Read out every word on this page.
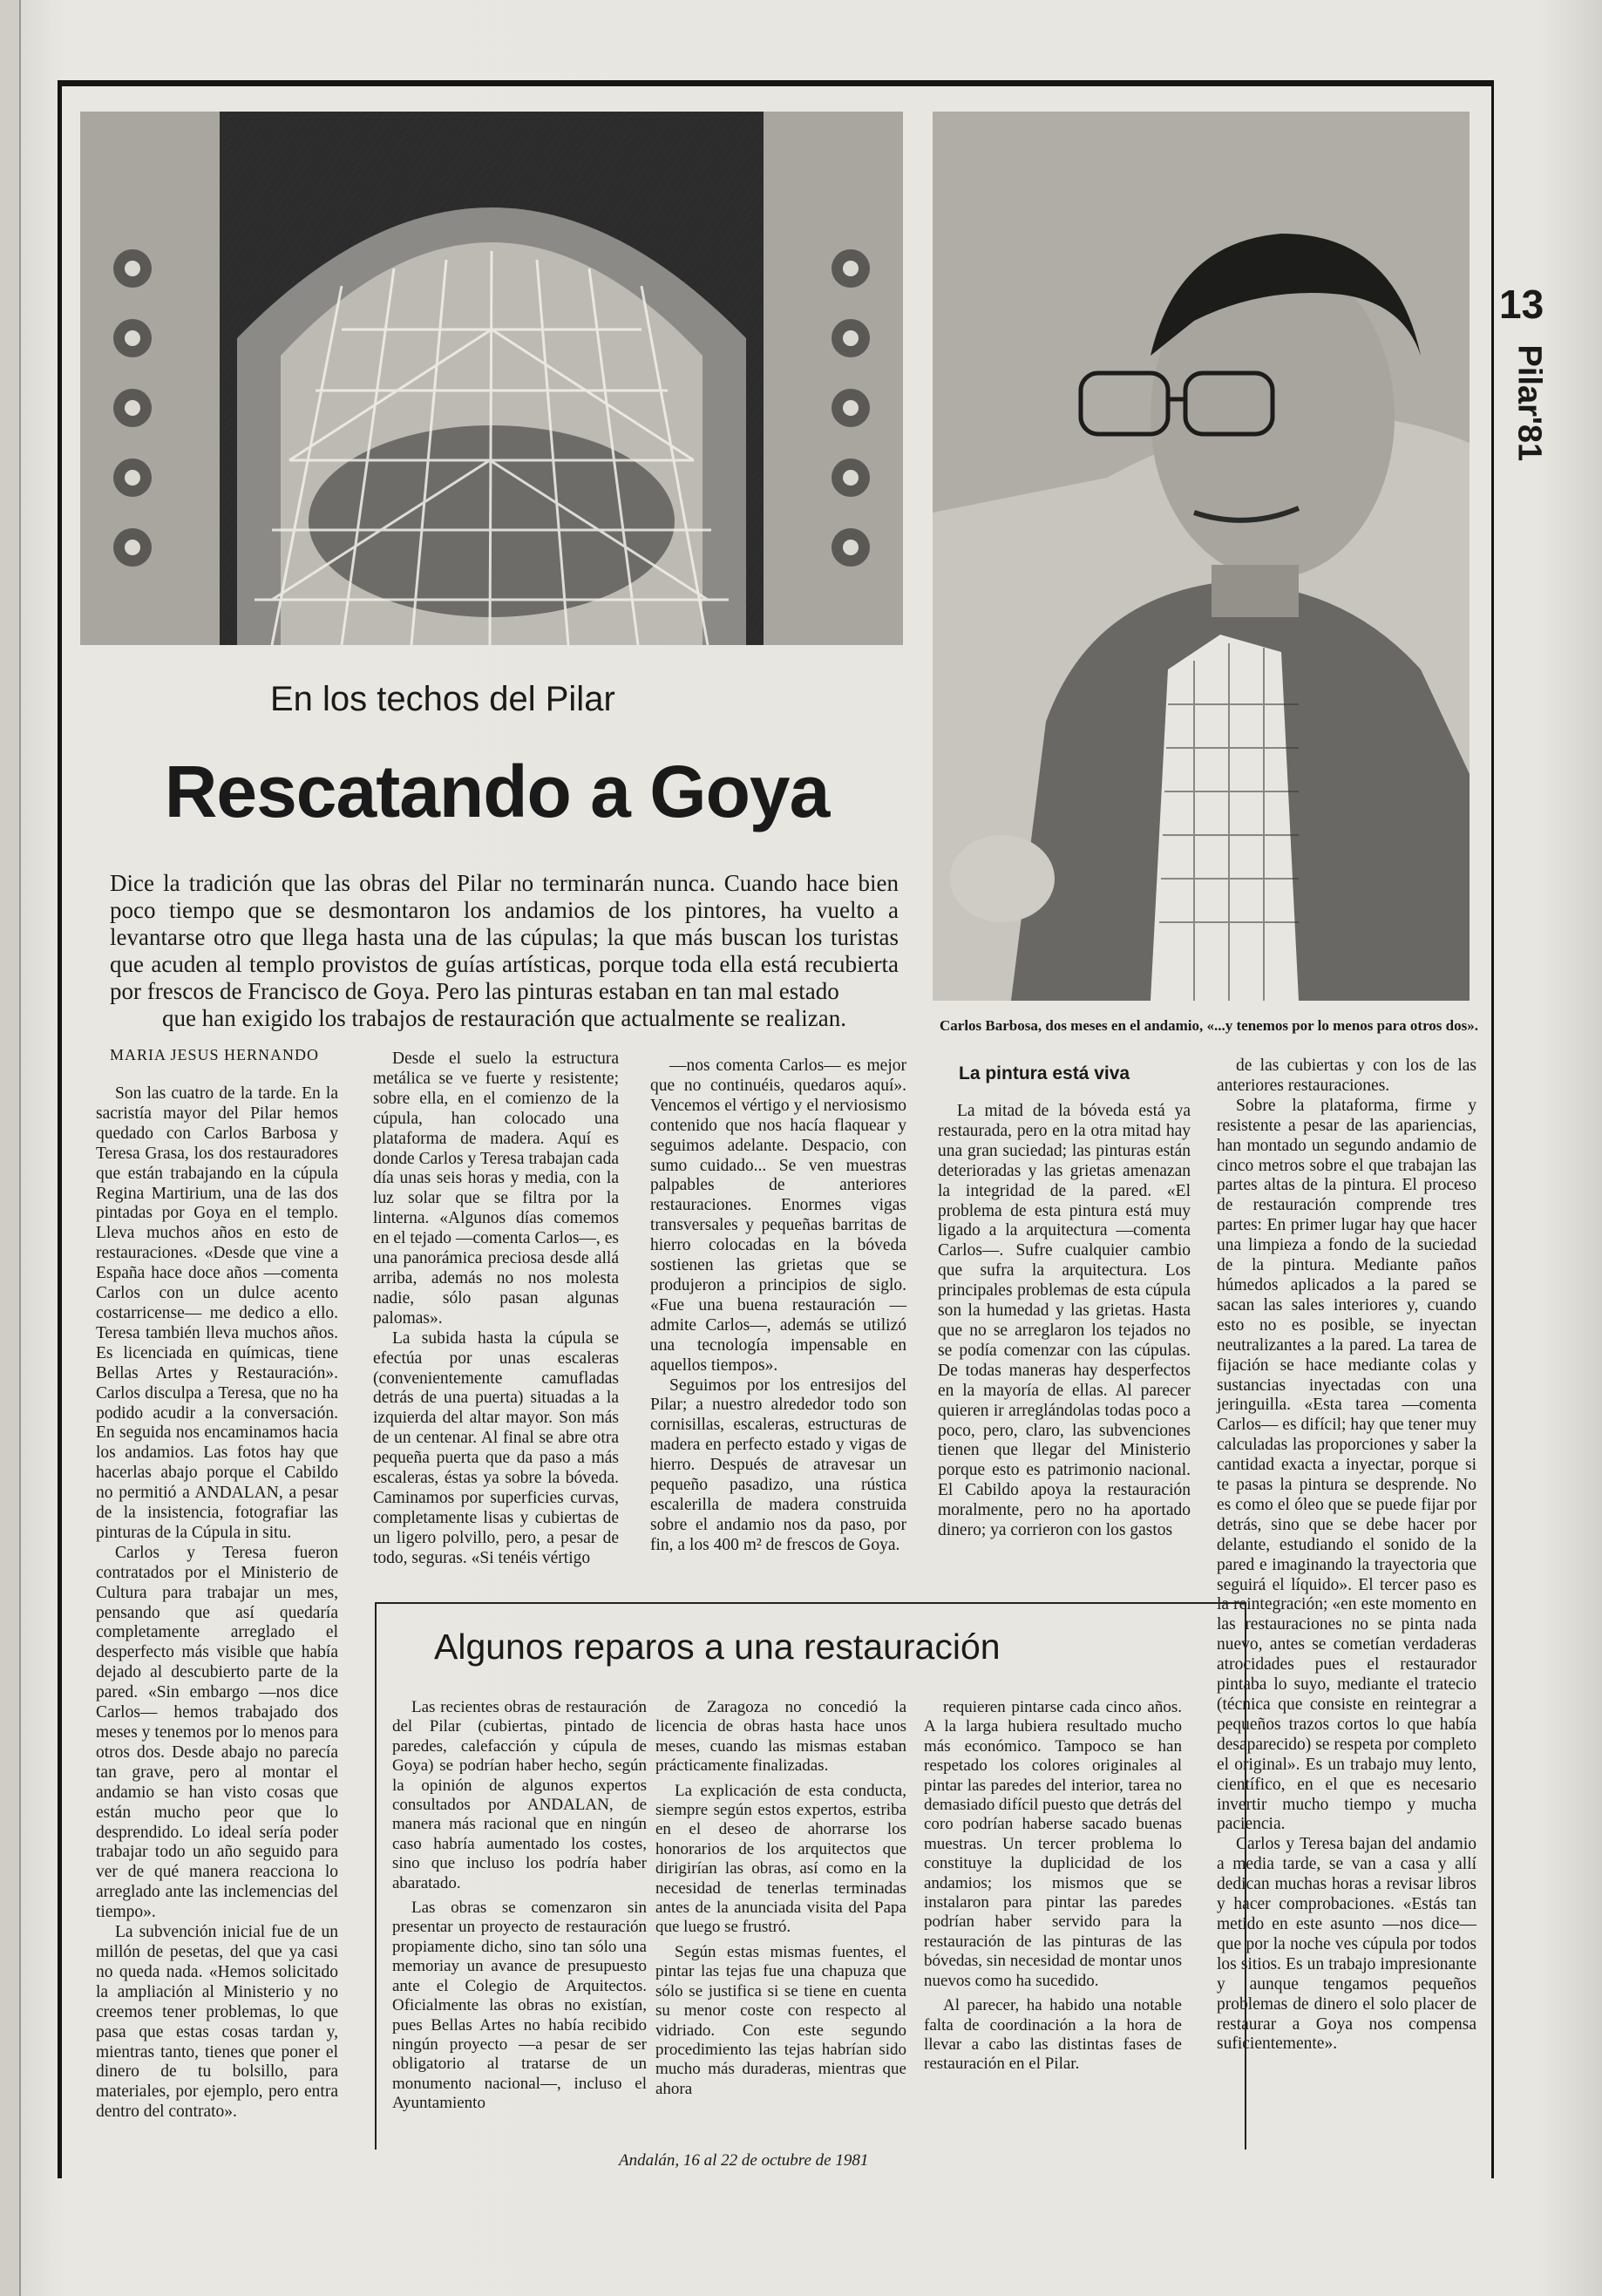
13
Pilar'81
En los techos del Pilar
Rescatando a Goya
Dice la tradición que las obras del Pilar no terminarán nunca. Cuando hace bien poco tiempo que se desmontaron los andamios de los pintores, ha vuelto a levantarse otro que llega hasta una de las cúpulas; la que más buscan los turistas que acuden al templo provistos de guías artísticas, porque toda ella está recubierta por frescos de Francisco de Goya. Pero las pinturas estaban en tan mal estado
que han exigido los trabajos de restauración que actualmente se realizan.	Carlos Barbosa, dos meses en el andamio, «...y tenemos por lo menos para otros dos».
MARIA JESUS HERNANDO

Son las cuatro de la tarde. En la sacristía mayor del Pilar hemos quedado con Carlos Barbosa y Teresa Grasa, los dos restauradores que están trabajando en la cúpula Regina Martirium, una de las dos pintadas por Goya en el templo. Lleva muchos años en esto de restauraciones. «Desde que vine a España hace doce años —comenta Carlos con un dulce acento costarricense— me dedico a ello. Teresa también lleva muchos años. Es licenciada en químicas, tiene Bellas Artes y Restauración». Carlos disculpa a Teresa, que no ha podido acudir a la conversación. En seguida nos encaminamos hacia los andamios. Las fotos hay que hacerlas abajo porque el Cabildo no permitió a ANDALAN, a pesar de la insistencia, fotografiar las pinturas de la Cúpula in situ.

Carlos y Teresa fueron contratados por el Ministerio de Cultura para trabajar un mes, pensando que así quedaría completamente arreglado el desperfecto más visible que había dejado al descubierto parte de la pared. «Sin embargo —nos dice Carlos— hemos trabajado dos meses y tenemos por lo menos para otros dos. Desde abajo no parecía tan grave, pero al montar el andamio se han visto cosas que están mucho peor que lo desprendido. Lo ideal sería poder trabajar todo un año seguido para ver de qué manera reacciona lo arreglado ante las inclemencias del tiempo».

La subvención inicial fue de un millón de pesetas, del que ya casi no queda nada. «Hemos solicitado la ampliación al Ministerio y no creemos tener problemas, lo que pasa que estas cosas tardan y, mientras tanto, tienes que poner el dinero de tu bolsillo, para materiales, por ejemplo, pero entra dentro del contrato».

Desde el suelo la estructura metálica se ve fuerte y resistente; sobre ella, en el comienzo de la cúpula, han colocado una plataforma de madera. Aquí es donde Carlos y Teresa trabajan cada día unas seis horas y media, con la luz solar que se filtra por la linterna. «Algunos días comemos en el tejado —comenta Carlos—, es una panorámica preciosa desde allá arriba, además no nos molesta nadie, sólo pasan algunas palomas».

La subida hasta la cúpula se efectúa por unas escaleras (convenientemente camufladas detrás de una puerta) situadas a la izquierda del altar mayor. Son más de un centenar. Al final se abre otra pequeña puerta que da paso a más escaleras, éstas ya sobre la bóveda. Caminamos por superficies curvas, completamente lisas y cubiertas de un ligero polvillo, pero, a pesar de todo, seguras. «Si tenéis vértigo

—nos comenta Carlos— es mejor que no continuéis, quedaros aquí». Vencemos el vértigo y el nerviosismo contenido que nos hacía flaquear y seguimos adelante. Despacio, con sumo cuidado... Se ven muestras palpables de anteriores restauraciones. Enormes vigas transversales y pequeñas barritas de hierro colocadas en la bóveda sostienen las grietas que se produjeron a principios de siglo. «Fue una buena restauración —admite Carlos—, además se utilizó una tecnología impensable en aquellos tiempos».

Seguimos por los entresijos del Pilar; a nuestro alrededor todo son cornisillas, escaleras, estructuras de madera en perfecto estado y vigas de hierro. Después de atravesar un pequeño pasadizo, una rústica escalerilla de madera construida sobre el andamio nos da paso, por fin, a los 400 m² de frescos de Goya.

La pintura está viva

La mitad de la bóveda está ya restaurada, pero en la otra mitad hay una gran suciedad; las pinturas están deterioradas y las grietas amenazan la integridad de la pared. «El problema de esta pintura está muy ligado a la arquitectura —comenta Carlos—. Sufre cualquier cambio que sufra la arquitectura. Los principales problemas de esta cúpula son la humedad y las grietas. Hasta que no se arreglaron los tejados no se podía comenzar con las cúpulas. De todas maneras hay desperfectos en la mayoría de ellas. Al parecer quieren ir arreglándolas todas poco a poco, pero, claro, las subvenciones tienen que llegar del Ministerio porque esto es patrimonio nacional. El Cabildo apoya la restauración moralmente, pero no ha aportado dinero; ya corrieron con los gastos

de las cubiertas y con los de las anteriores restauraciones.

Sobre la plataforma, firme y resistente a pesar de las apariencias, han montado un segundo andamio de cinco metros sobre el que trabajan las partes altas de la pintura. El proceso de restauración comprende tres partes: En primer lugar hay que hacer una limpieza a fondo de la suciedad de la pintura. Mediante paños húmedos aplicados a la pared se sacan las sales interiores y, cuando esto no es posible, se inyectan neutralizantes a la pared. La tarea de fijación se hace mediante colas y sustancias inyectadas con una jeringuilla. «Esta tarea —comenta Carlos— es difícil; hay que tener muy calculadas las proporciones y saber la cantidad exacta a inyectar, porque si te pasas la pintura se desprende. No es como el óleo que se puede fijar por detrás, sino que se debe hacer por delante, estudiando el sonido de la pared e imaginando la trayectoria que seguirá el líquido». El tercer paso es la reintegración; «en este momento en las restauraciones no se pinta nada nuevo, antes se cometían verdaderas atrocidades pues el restaurador pintaba lo suyo, mediante el tratecio (técnica que consiste en reintegrar a pequeños trazos cortos lo que había desaparecido) se respeta por completo el original». Es un trabajo muy lento, científico, en el que es necesario invertir mucho tiempo y mucha paciencia.

Carlos y Teresa bajan del andamio a media tarde, se van a casa y allí dedican muchas horas a revisar libros y hacer comprobaciones. «Estás tan metido en este asunto —nos dice— que por la noche ves cúpula por todos los sitios. Es un trabajo impresionante y aunque tengamos pequeños problemas de dinero el solo placer de restaurar a Goya nos compensa suficientemente».

Algunos reparos a una restauración

Las recientes obras de restauración del Pilar (cubiertas, pintado de paredes, calefacción y cúpula de Goya) se podrían haber hecho, según la opinión de algunos expertos consultados por ANDALAN, de manera más racional que en ningún caso habría aumentado los costes, sino que incluso los podría haber abaratado.

Las obras se comenzaron sin presentar un proyecto de restauración propiamente dicho, sino tan sólo una memoriay un avance de presupuesto ante el Colegio de Arquitectos. Oficialmente las obras no existían, pues Bellas Artes no había recibido ningún proyecto —a pesar de ser obligatorio al tratarse de un monumento nacional—, incluso el Ayuntamiento

de Zaragoza no concedió la licencia de obras hasta hace unos meses, cuando las mismas estaban prácticamente finalizadas.

La explicación de esta conducta, siempre según estos expertos, estriba en el deseo de ahorrarse los honorarios de los arquitectos que dirigirían las obras, así como en la necesidad de tenerlas terminadas antes de la anunciada visita del Papa que luego se frustró.

Según estas mismas fuentes, el pintar las tejas fue una chapuza que sólo se justifica si se tiene en cuenta su menor coste con respecto al vidriado. Con este segundo procedimiento las tejas habrían sido mucho más duraderas, mientras que ahora

requieren pintarse cada cinco años. A la larga hubiera resultado mucho más económico. Tampoco se han respetado los colores originales al pintar las paredes del interior, tarea no demasiado difícil puesto que detrás del coro podrían haberse sacado buenas muestras. Un tercer problema lo constituye la duplicidad de los andamios; los mismos que se instalaron para pintar las paredes podrían haber servido para la restauración de las pinturas de las bóvedas, sin necesidad de montar unos nuevos como ha sucedido.

Al parecer, ha habido una notable falta de coordinación a la hora de llevar a cabo las distintas fases de restauración en el Pilar.

Andalán, 16 al 22 de octubre de 1981
